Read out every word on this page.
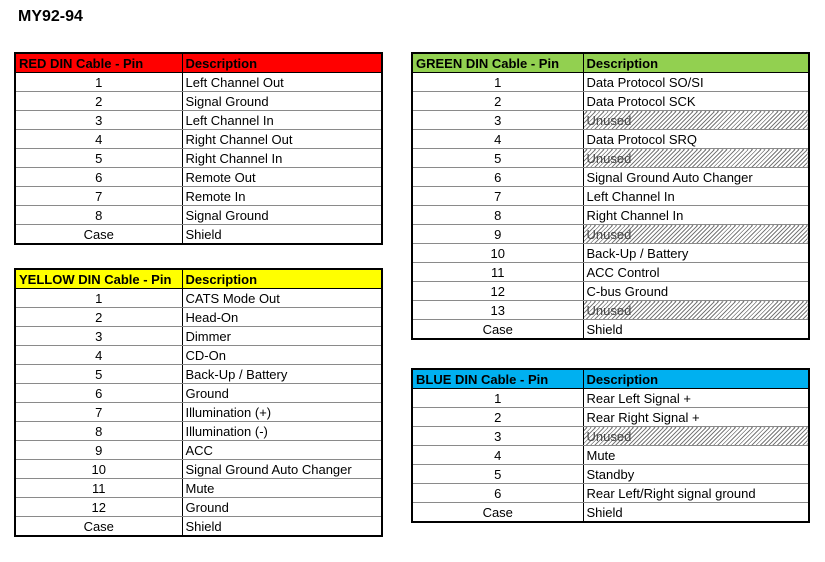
MY92-94
RED DIN Cable - Pin	Description
1	Left Channel Out
2	Signal Ground
3	Left Channel In
4	Right Channel Out
5	Right Channel In
6	Remote Out
7	Remote In
8	Signal Ground
Case	Shield
YELLOW DIN Cable - Pin	Description
1	CATS Mode Out
2	Head-On
3	Dimmer
4	CD-On
5	Back-Up / Battery
6	Ground
7	Illumination (+)
8	Illumination (-)
9	ACC
10	Signal Ground Auto Changer
11	Mute
12	Ground
Case	Shield
GREEN DIN Cable - Pin	Description
1	Data Protocol SO/SI
2	Data Protocol SCK
3	Unused
4	Data Protocol SRQ
5	Unused
6	Signal Ground Auto Changer
7	Left Channel In
8	Right Channel In
9	Unused
10	Back-Up / Battery
11	ACC Control
12	C-bus Ground
13	Unused
Case	Shield
BLUE DIN Cable - Pin	Description
1	Rear Left Signal +
2	Rear Right Signal +
3	Unused
4	Mute
5	Standby
6	Rear Left/Right signal ground
Case	Shield
